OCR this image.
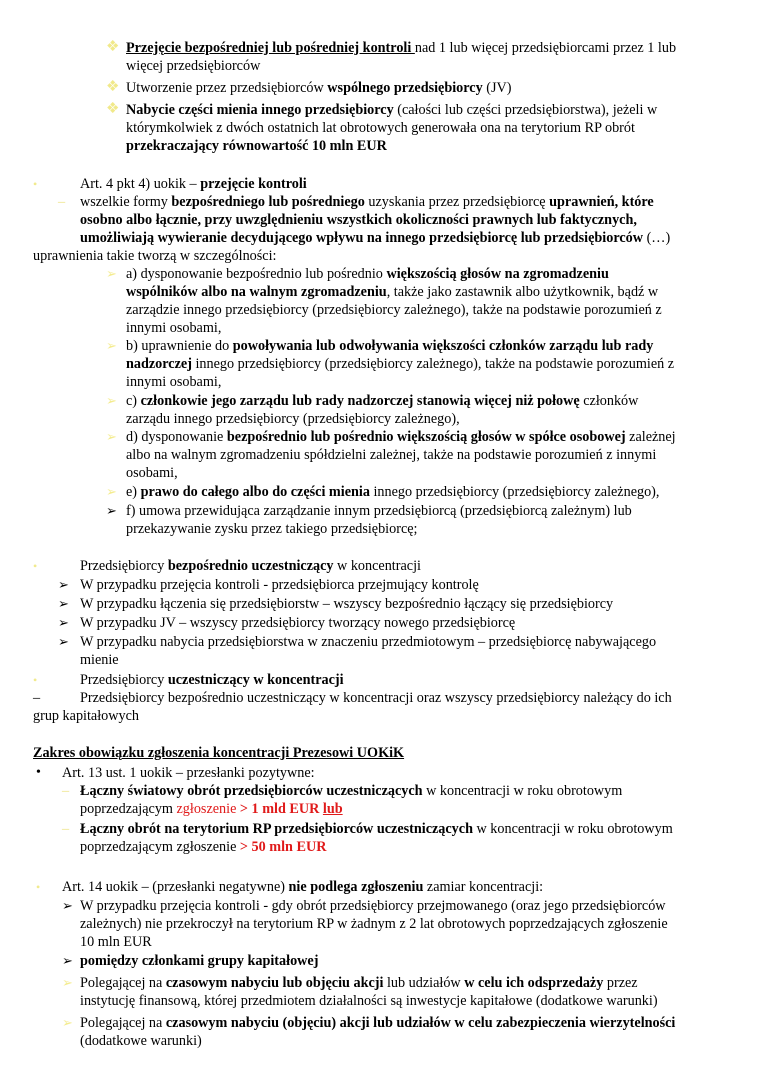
❖ Przejęcie bezpośredniej lub pośredniej kontroli nad 1 lub więcej przedsiębiorcami przez 1 lub
więcej przedsiębiorców
❖ Utworzenie przez przedsiębiorców wspólnego przedsiębiorcy (JV)
❖ Nabycie części mienia innego przedsiębiorcy (całości lub części przedsiębiorstwa), jeżeli w
którymkolwiek z dwóch ostatnich lat obrotowych generowała ona na terytorium RP obrót
przekraczający równowartość 10 mln EUR
•	Art. 4 pkt 4) uokik – przejęcie kontroli
– wszelkie formy bezpośredniego lub pośredniego uzyskania przez przedsiębiorcę uprawnień, które
osobno albo łącznie, przy uwzględnieniu wszystkich okoliczności prawnych lub faktycznych,
umożliwiają wywieranie decydującego wpływu na innego przedsiębiorcę lub przedsiębiorców (…)
uprawnienia takie tworzą w szczególności:
➢ a) dysponowanie bezpośrednio lub pośrednio większością głosów na zgromadzeniu
wspólników albo na walnym zgromadzeniu, także jako zastawnik albo użytkownik, bądź w
zarządzie innego przedsiębiorcy (przedsiębiorcy zależnego), także na podstawie porozumień z
innymi osobami,
➢ b) uprawnienie do powoływania lub odwoływania większości członków zarządu lub rady
nadzorczej innego przedsiębiorcy (przedsiębiorcy zależnego), także na podstawie porozumień z
innymi osobami,
➢ c) członkowie jego zarządu lub rady nadzorczej stanowią więcej niż połowę członków
zarządu innego przedsiębiorcy (przedsiębiorcy zależnego),
➢ d) dysponowanie bezpośrednio lub pośrednio większością głosów w spółce osobowej zależnej
albo na walnym zgromadzeniu spółdzielni zależnej, także na podstawie porozumień z innymi
osobami,
➢ e) prawo do całego albo do części mienia innego przedsiębiorcy (przedsiębiorcy zależnego),
➢ f) umowa przewidująca zarządzanie innym przedsiębiorcą (przedsiębiorcą zależnym) lub
przekazywanie zysku przez takiego przedsiębiorcę;
•	Przedsiębiorcy bezpośrednio uczestniczący w koncentracji
➢ W przypadku przejęcia kontroli - przedsiębiorca przejmujący kontrolę
➢ W przypadku łączenia się przedsiębiorstw – wszyscy bezpośrednio łączący się przedsiębiorcy
➢ W przypadku JV – wszyscy przedsiębiorcy tworzący nowego przedsiębiorcę
➢ W przypadku nabycia przedsiębiorstwa w znaczeniu przedmiotowym – przedsiębiorcę nabywającego
mienie
•	Przedsiębiorcy uczestniczący w koncentracji
–	Przedsiębiorcy bezpośrednio uczestniczący w koncentracji oraz wszyscy przedsiębiorcy należący do ich
grup kapitałowych
Zakres obowiązku zgłoszenia koncentracji Prezesowi UOKiK
• Art. 13 ust. 1 uokik – przesłanki pozytywne:
– Łączny światowy obrót przedsiębiorców uczestniczących w koncentracji w roku obrotowym
poprzedzającym zgłoszenie > 1 mld EUR lub
– Łączny obrót na terytorium RP przedsiębiorców uczestniczących w koncentracji w roku obrotowym
poprzedzającym zgłoszenie > 50 mln EUR
• Art. 14 uokik – (przesłanki negatywne) nie podlega zgłoszeniu zamiar koncentracji:
➢ W przypadku przejęcia kontroli - gdy obrót przedsiębiorcy przejmowanego (oraz jego przedsiębiorców
zależnych) nie przekroczył na terytorium RP w żadnym z 2 lat obrotowych poprzedzających zgłoszenie
10 mln EUR
➢ pomiędzy członkami grupy kapitałowej
➢ Polegającej na czasowym nabyciu lub objęciu akcji lub udziałów w celu ich odsprzedaży przez
instytucję finansową, której przedmiotem działalności są inwestycje kapitałowe (dodatkowe warunki)
➢ Polegającej na czasowym nabyciu (objęciu) akcji lub udziałów w celu zabezpieczenia wierzytelności
(dodatkowe warunki)
